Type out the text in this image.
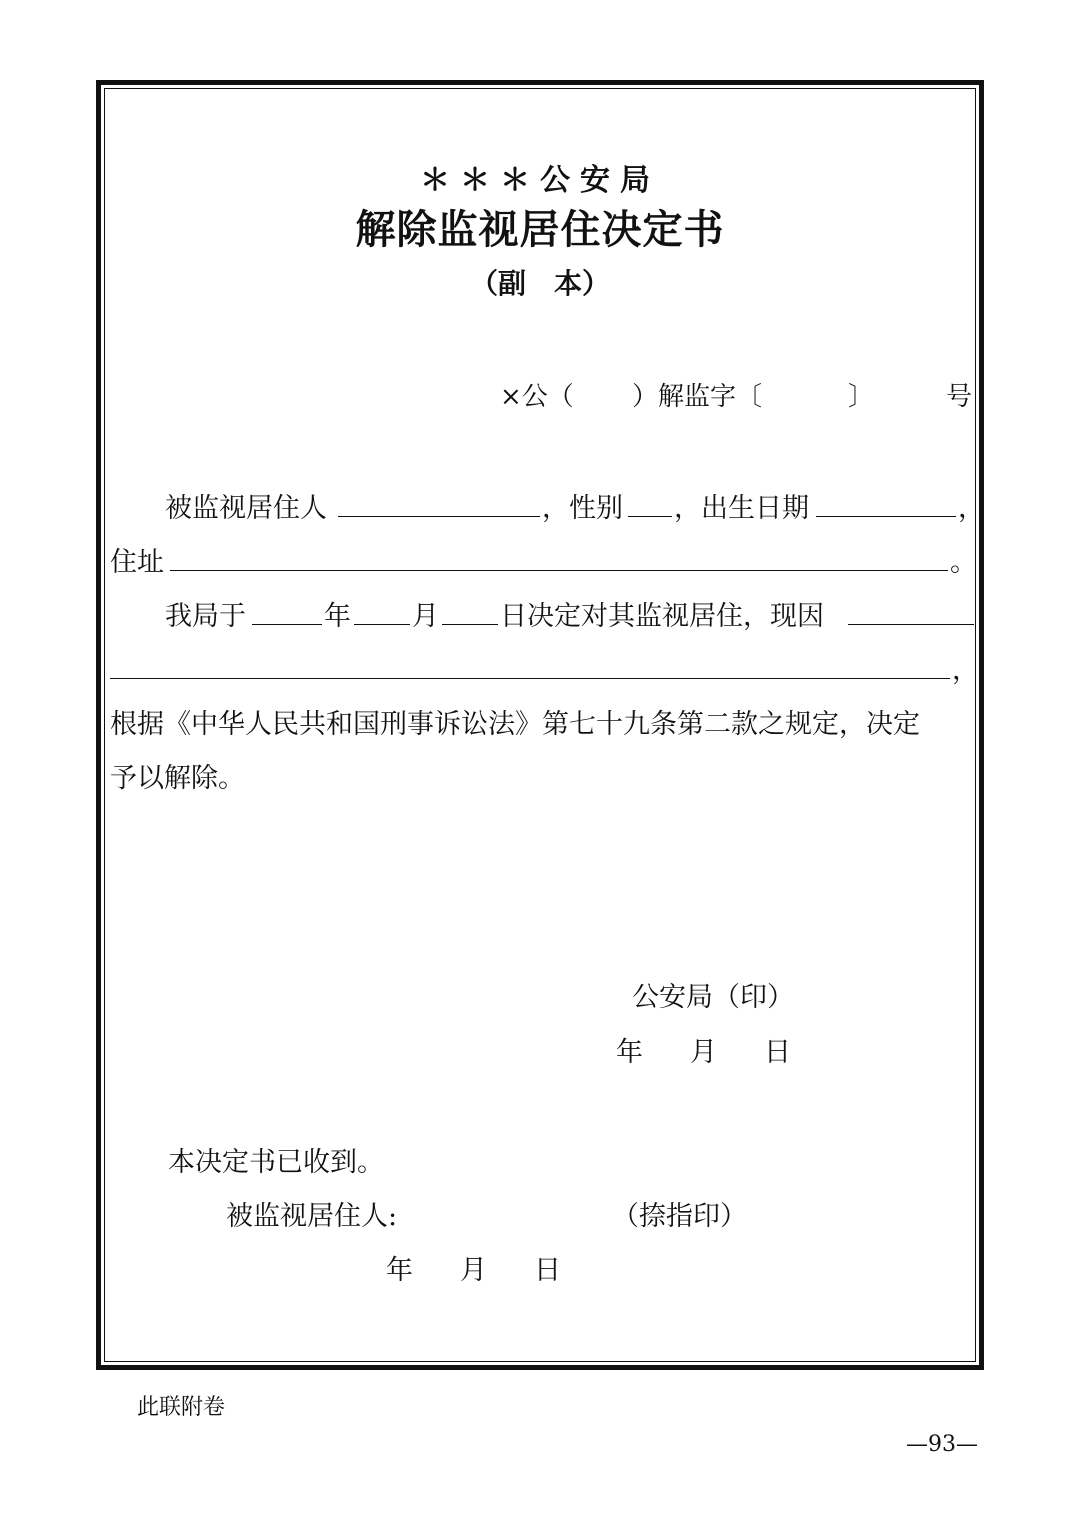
＊＊＊公安局
解除监视居住决定书
（副　本）
×公（ ）解监字〔	〕	号
被监视居住人	，性别 ，出生日期	，
住址	。
我局于	年 月 日决定对其监视居住，现因
，
根据《中华人民共和国刑事诉讼法》第七十九条第二款之规定，决定
予以解除。
公安局（印）
年 月 日
本决定书已收到。
被监视居住人:	（捺指印）
年 月 日
此联附卷
—93—
